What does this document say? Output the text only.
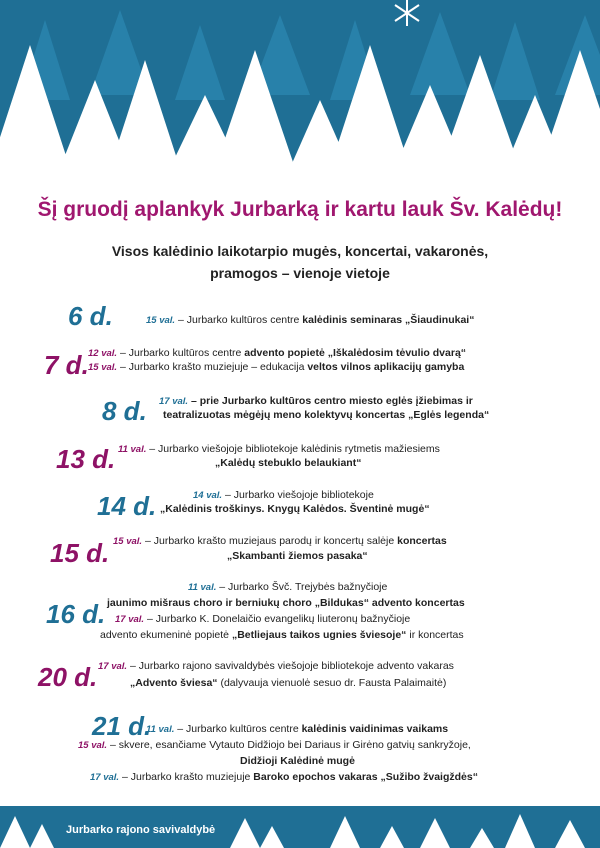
Šį gruodį aplankyk Jurbarką ir kartu lauk Šv. Kalėdų!
Visos kalėdinio laikotarpio mugės, koncertai, vakaronės, pramogos – vienoje vietoje
6 d.	15 val. – Jurbarko kultūros centre kalėdinis seminaras „Šiaudinukai“
7 d. 12 val. – Jurbarko kultūros centre advento popietė „Iškalėdosim tėvulio dvarą“
15 val. – Jurbarko krašto muziejuje – edukacija veltos vilnos aplikacijų gamyba
8 d. 17 val. – prie Jurbarko kultūros centro miesto eglės įžiebimas ir
teatralizuotas mėgėjų meno kolektyvų koncertas „Eglės legenda“
13 d. 11 val. – Jurbarko viešojoje bibliotekoje kalėdinis rytmetis mažiesiems
„Kalėdų stebuklo belaukiant“
14 d.	14 val. – Jurbarko viešojoje bibliotekoje
„Kalėdinis troškinys. Knygų Kalėdos. Šventinė mugė“
15 d. 15 val. – Jurbarko krašto muziejaus parodų ir koncertų salėje koncertas
„Skambanti žiemos pasaka“
16 d.
11 val. – Jurbarko Švč. Trejybės bažnyčioje
jaunimo mišraus choro ir berniukų choro „Bildukas“ advento koncertas
17 val. – Jurbarko K. Donelaičio evangelikų liuteronų bažnyčioje
advento ekumeninė popietė „Betliejaus taikos ugnies šviesoje“ ir koncertas
20 d. 17 val. – Jurbarko rajono savivaldybės viešojoje bibliotekoje advento vakaras
„Advento šviesa“ (dalyvauja vienuolė sesuo dr. Fausta Palaimaitė)
21 d.
11 val. – Jurbarko kultūros centre kalėdinis vaidinimas vaikams
15 val. – skvere, esančiame Vytauto Didžiojo bei Dariaus ir Girėno gatvių sankryžoje,
Didžioji Kalėdinė mugė
17 val. – Jurbarko krašto muziejuje Baroko epochos vakaras „Sužibo žvaigždės“
Jurbarko rajono savivaldybė
